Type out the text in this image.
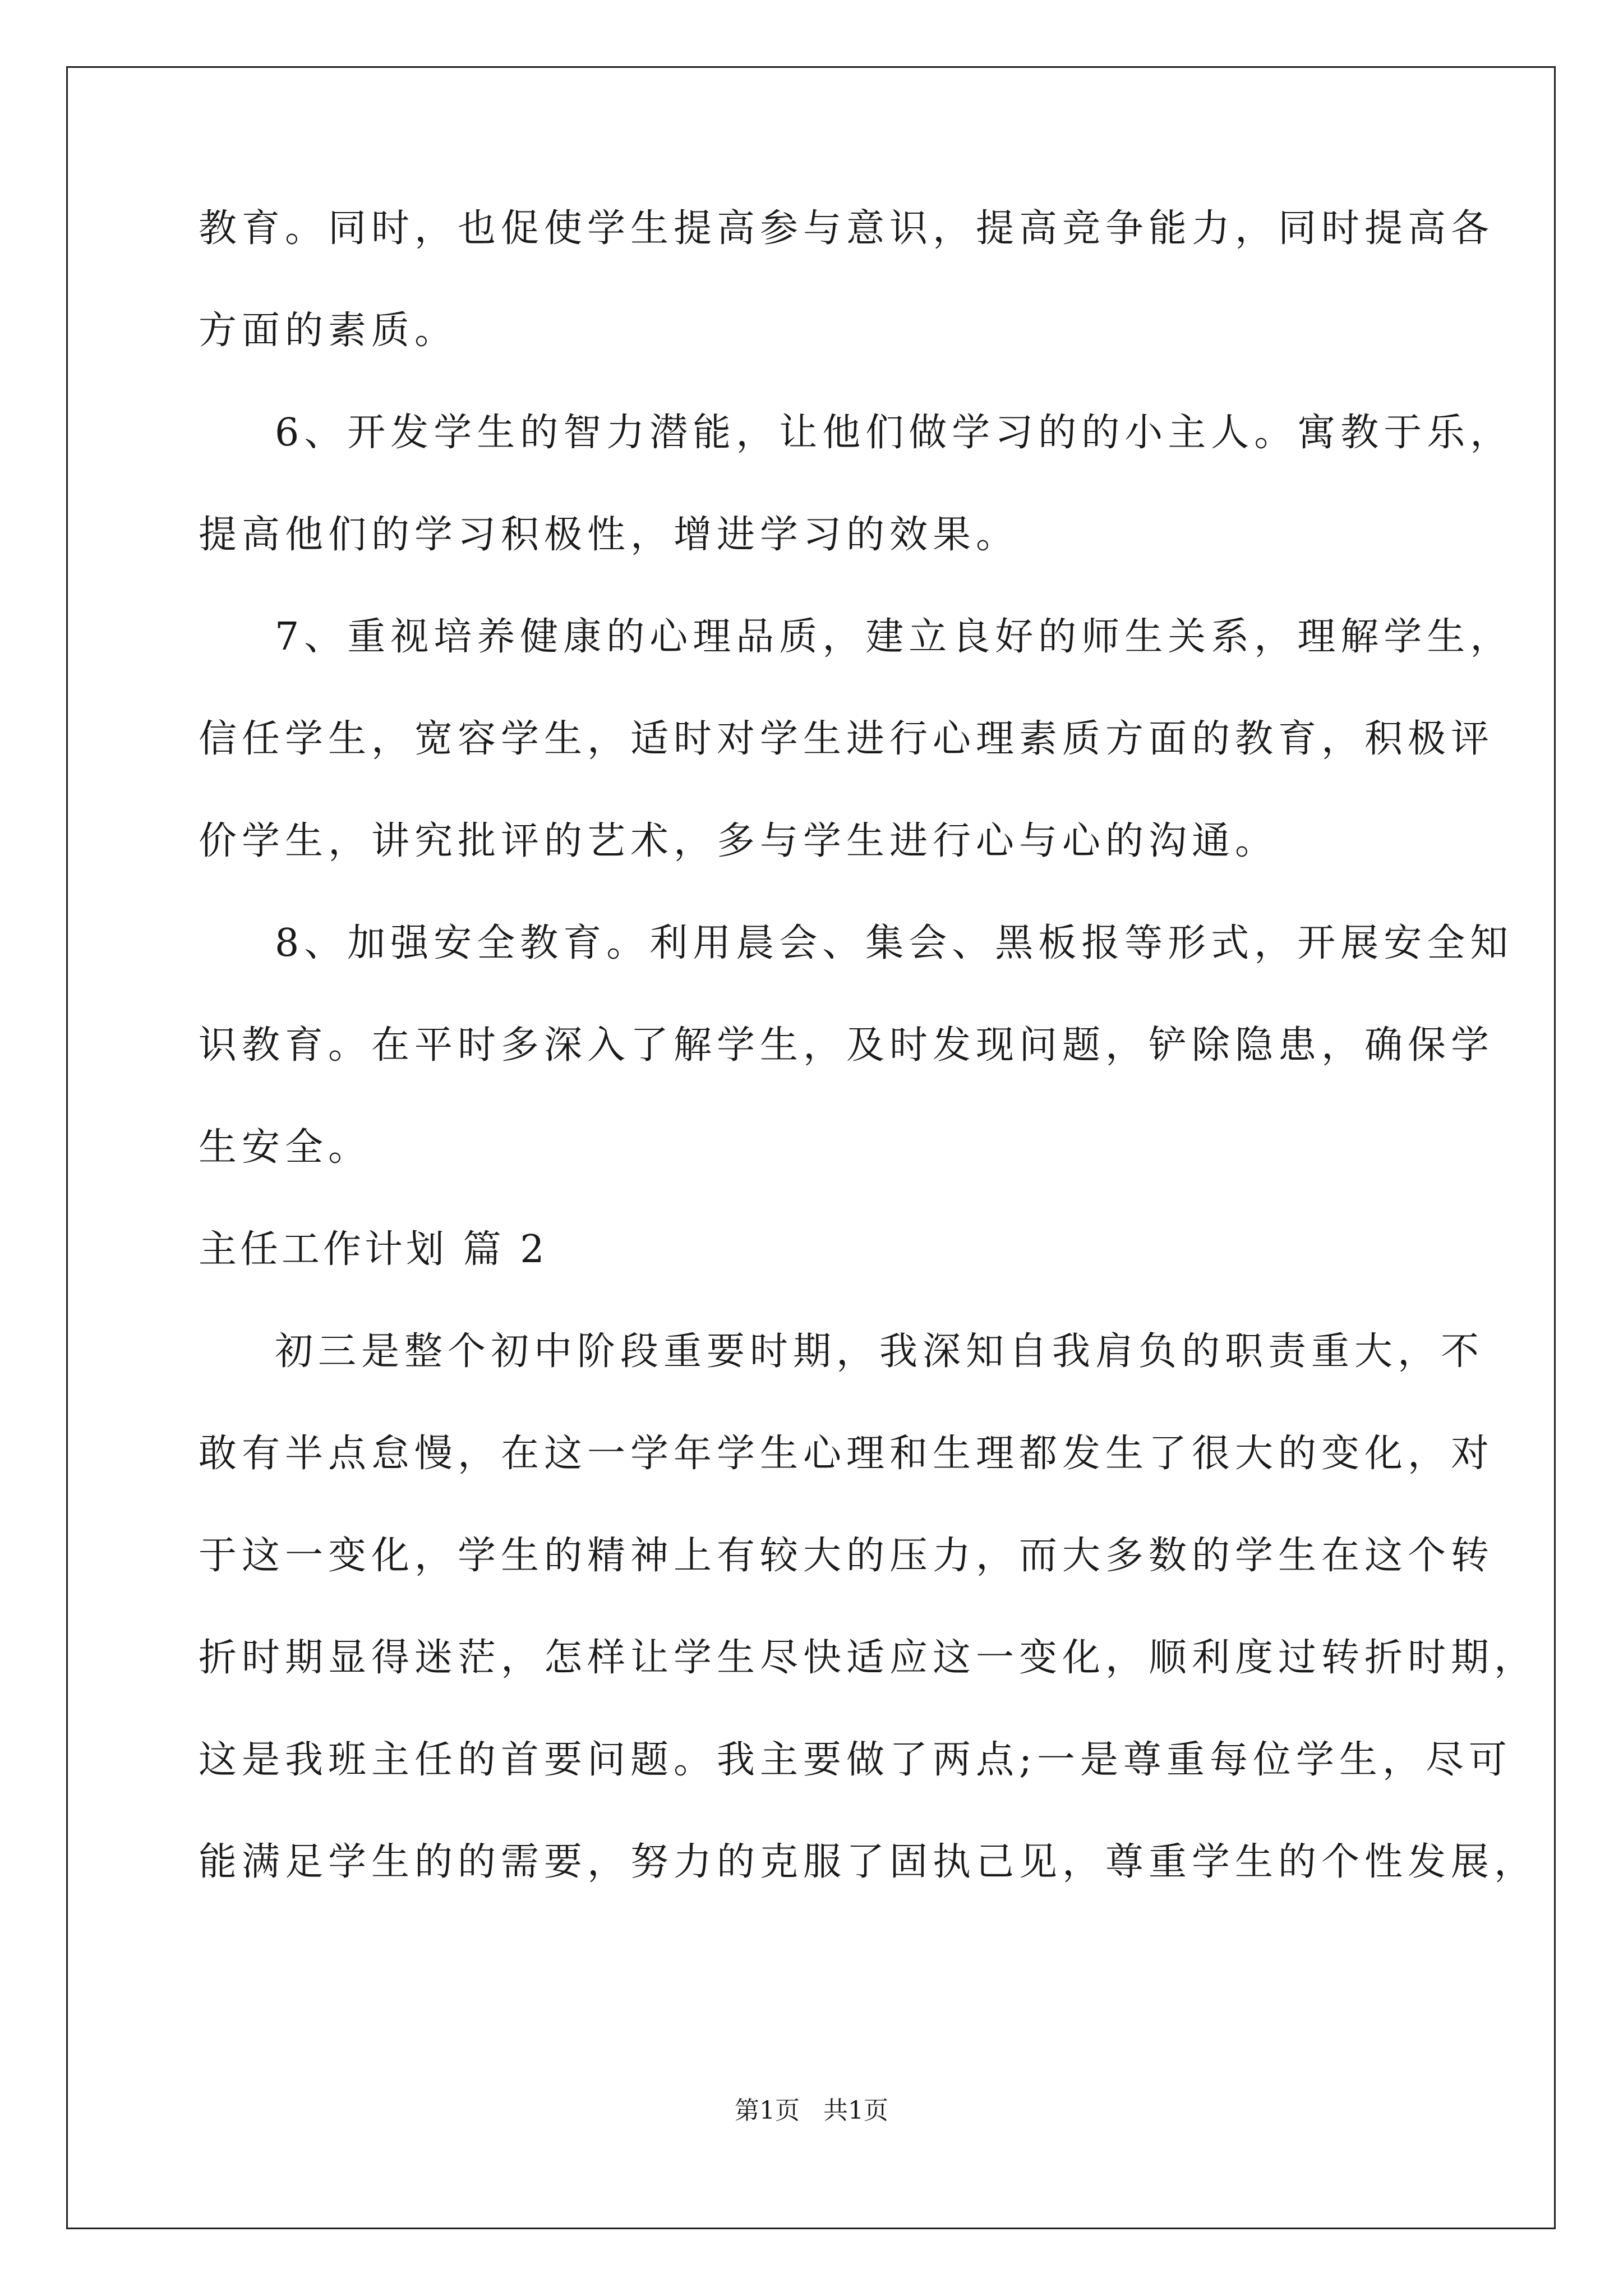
教育。同时，也促使学生提高参与意识，提高竞争能力，同时提高各
方面的素质。
6、开发学生的智力潜能，让他们做学习的的小主人。寓教于乐，
提高他们的学习积极性，增进学习的效果。
7、重视培养健康的心理品质，建立良好的师生关系，理解学生，
信任学生，宽容学生，适时对学生进行心理素质方面的教育，积极评
价学生，讲究批评的艺术，多与学生进行心与心的沟通。
8、加强安全教育。利用晨会、集会、黑板报等形式，开展安全知
识教育。在平时多深入了解学生，及时发现问题，铲除隐患，确保学
生安全。
主任工作计划 篇 2
初三是整个初中阶段重要时期，我深知自我肩负的职责重大，不
敢有半点怠慢，在这一学年学生心理和生理都发生了很大的变化，对
于这一变化，学生的精神上有较大的压力，而大多数的学生在这个转
折时期显得迷茫，怎样让学生尽快适应这一变化，顺利度过转折时期，
这是我班主任的首要问题。我主要做了两点;一是尊重每位学生，尽可
能满足学生的的需要，努力的克服了固执己见，尊重学生的个性发展，
第1页   共1页
